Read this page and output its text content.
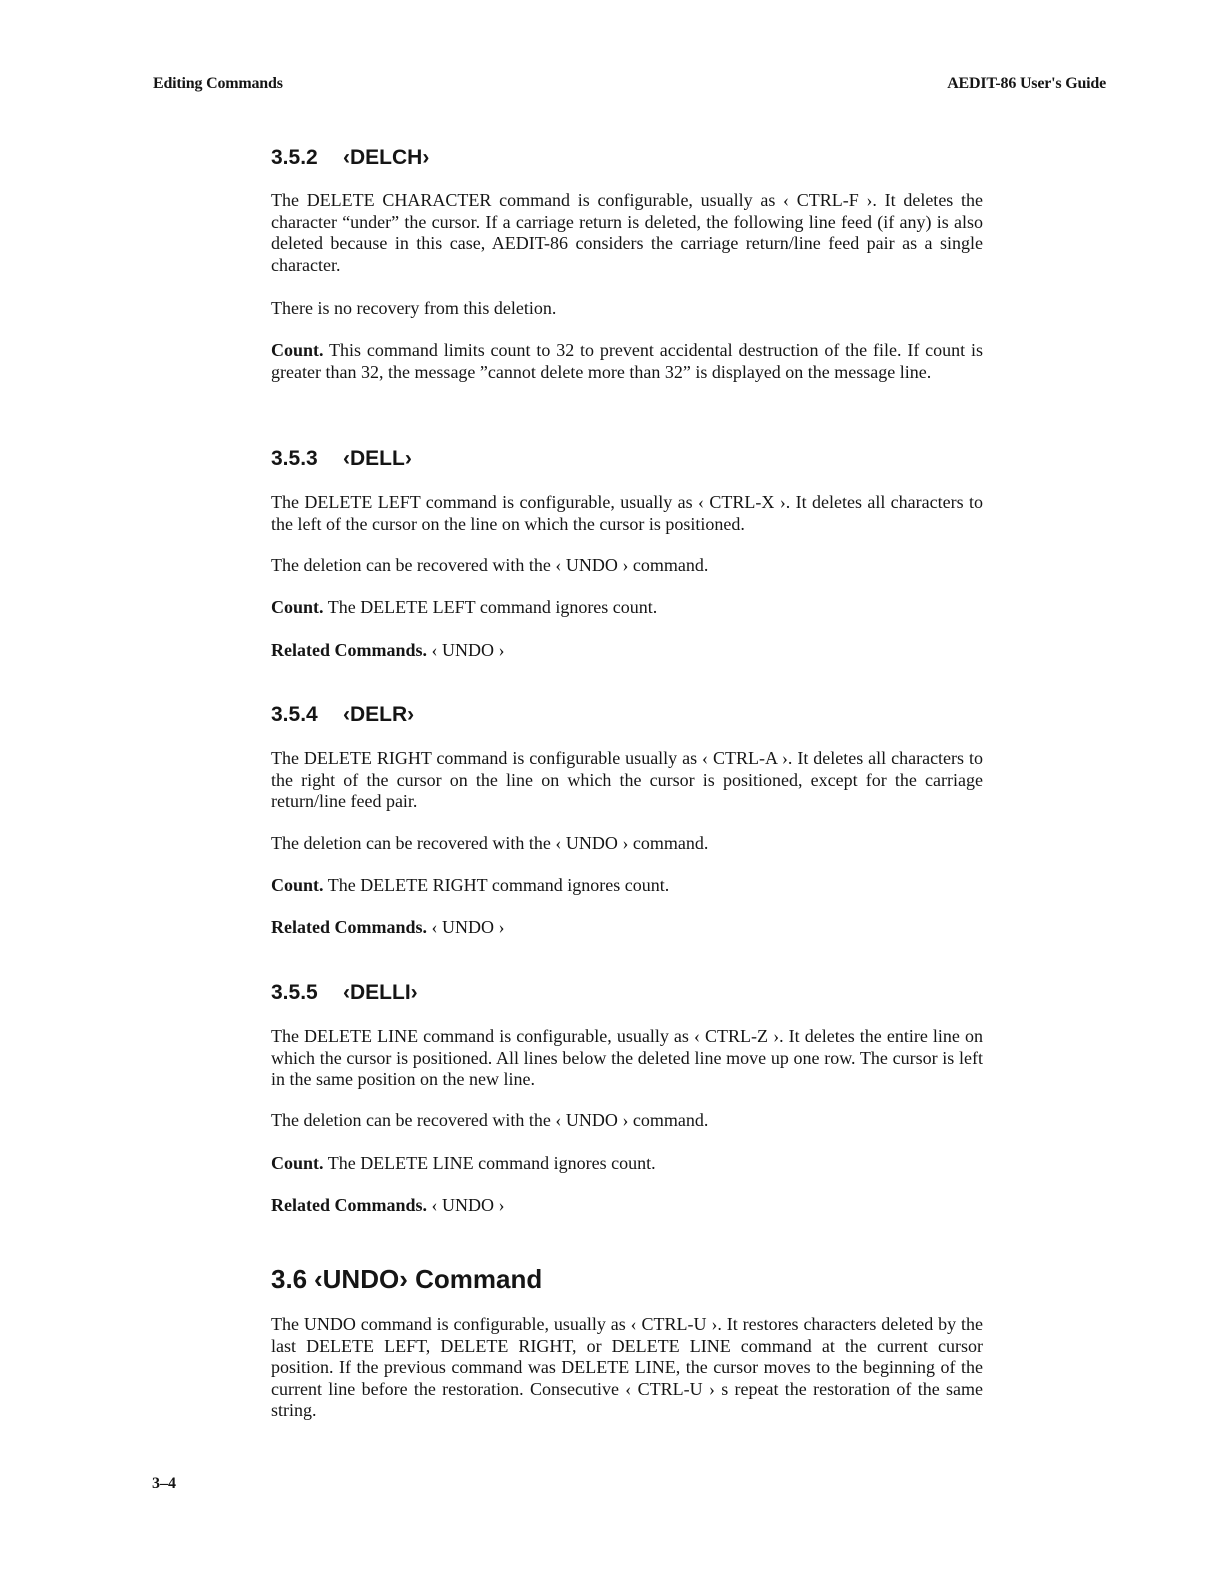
Editing Commands	AEDIT-86 User's Guide
3.5.2 ‹DELCH›

The DELETE CHARACTER command is configurable, usually as ‹ CTRL-F ›. It deletes the character “under” the cursor. If a carriage return is deleted, the following line feed (if any) is also deleted because in this case, AEDIT-86 considers the carriage return/line feed pair as a single character.

There is no recovery from this deletion.

Count. This command limits count to 32 to prevent accidental destruction of the file. If count is greater than 32, the message ”cannot delete more than 32” is displayed on the message line.

3.5.3 ‹DELL›

The DELETE LEFT command is configurable, usually as ‹ CTRL-X ›. It deletes all characters to the left of the cursor on the line on which the cursor is positioned.

The deletion can be recovered with the ‹ UNDO › command.

Count. The DELETE LEFT command ignores count.

Related Commands. ‹ UNDO ›

3.5.4 ‹DELR›

The DELETE RIGHT command is configurable usually as ‹ CTRL-A ›. It deletes all characters to the right of the cursor on the line on which the cursor is positioned, except for the carriage return/line feed pair.

The deletion can be recovered with the ‹ UNDO › command.

Count. The DELETE RIGHT command ignores count.

Related Commands. ‹ UNDO ›

3.5.5 ‹DELLI›

The DELETE LINE command is configurable, usually as ‹ CTRL-Z ›. It deletes the entire line on which the cursor is positioned. All lines below the deleted line move up one row. The cursor is left in the same position on the new line.

The deletion can be recovered with the ‹ UNDO › command.

Count. The DELETE LINE command ignores count.

Related Commands. ‹ UNDO ›

3.6 ‹UNDO› Command

The UNDO command is configurable, usually as ‹ CTRL-U ›. It restores characters deleted by the last DELETE LEFT, DELETE RIGHT, or DELETE LINE command at the current cursor position. If the previous command was DELETE LINE, the cursor moves to the beginning of the current line before the restoration. Consecutive ‹ CTRL-U › s repeat the restoration of the same string.

3–4
